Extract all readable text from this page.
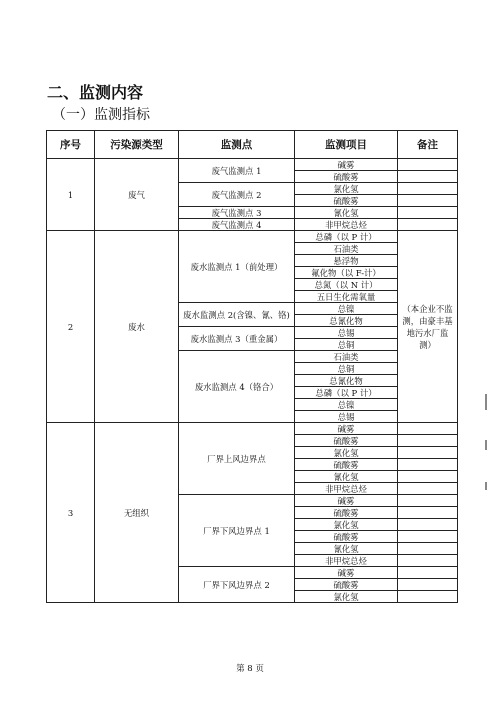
二、监测内容
（一）监测指标
序号	污染源类型	监测点	监测项目	备注
1	废气	废气监测点 1	碱雾	
			硫酸雾	
		废气监测点 2	氯化氢	
			硫酸雾	
		废气监测点 3	氰化氢	
		废气监测点 4	非甲烷总烃	
2	废水	废水监测点 1（前处理）	总磷（以 P 计）	（本企业不监测，由豪丰基地污水厂监测）
			石油类	
			悬浮物	
			氟化物（以 F-计）	
			总氮（以 N 计）	
			五日生化需氧量	
		废水监测点 2(含镍、氰、铬)	总镍	
			总氰化物	
		废水监测点 3（重金属）	总锡	
			总铜	
		废水监测点 4（铬合）	石油类	
			总铜	
			总氰化物	
			总磷（以 P 计）	
			总镍	
			总锡	
3	无组织	厂界上风边界点	碱雾	
			硫酸雾	
			氯化氢	
			硫酸雾	
			氰化氢	
			非甲烷总烃	
		厂界下风边界点 1	碱雾	
			硫酸雾	
			氯化氢	
			硫酸雾	
			氰化氢	
			非甲烷总烃	
		厂界下风边界点 2	碱雾	
			硫酸雾	
			氯化氢	
第 8 页
